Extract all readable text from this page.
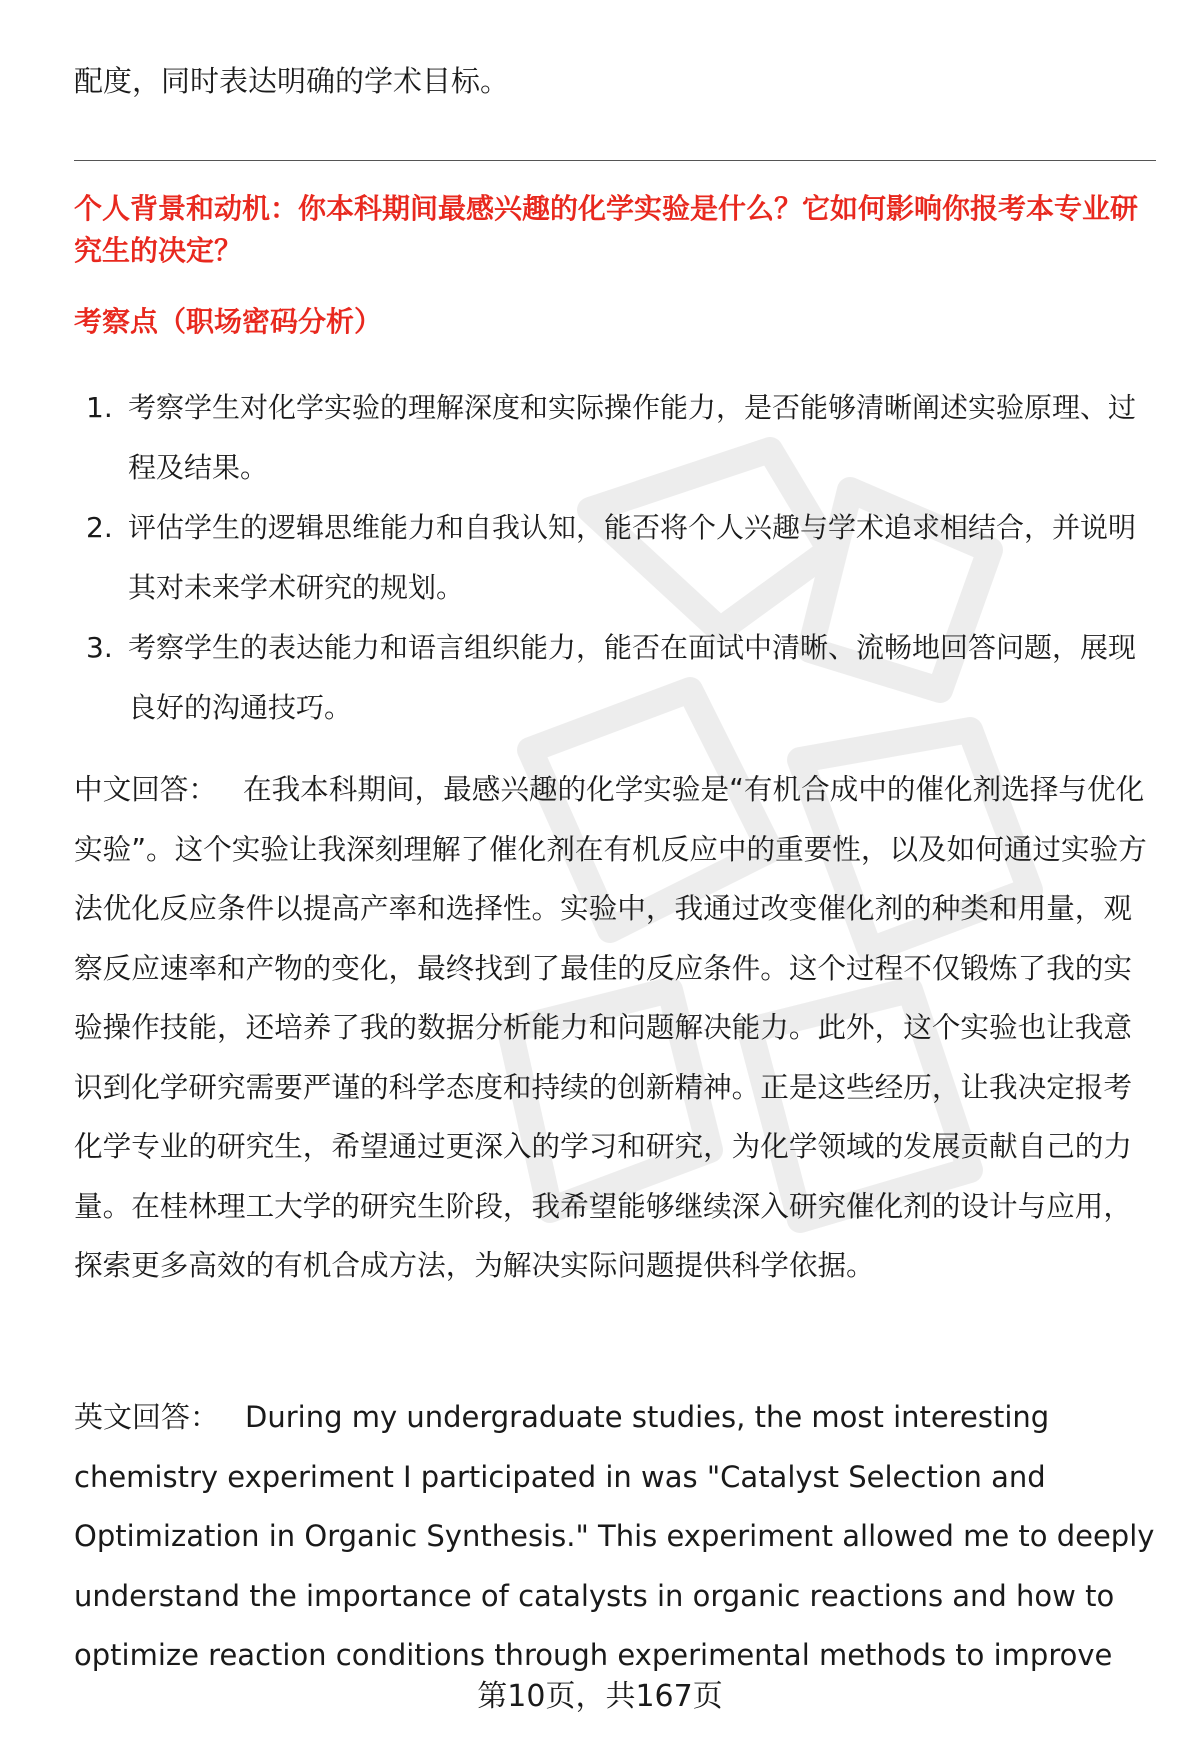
配度，同时表达明确的学术目标。

个人背景和动机：你本科期间最感兴趣的化学实验是什么？它如何影响你报考本专业研究生的决定？

考察点（职场密码分析）

1. 考察学生对化学实验的理解深度和实际操作能力，是否能够清晰阐述实验原理、过程及结果。
2. 评估学生的逻辑思维能力和自我认知，能否将个人兴趣与学术追求相结合，并说明其对未来学术研究的规划。
3. 考察学生的表达能力和语言组织能力，能否在面试中清晰、流畅地回答问题，展现良好的沟通技巧。

中文回答： 在我本科期间，最感兴趣的化学实验是“有机合成中的催化剂选择与优化实验”。这个实验让我深刻理解了催化剂在有机反应中的重要性，以及如何通过实验方法优化反应条件以提高产率和选择性。实验中，我通过改变催化剂的种类和用量，观察反应速率和产物的变化，最终找到了最佳的反应条件。这个过程不仅锻炼了我的实验操作技能，还培养了我的数据分析能力和问题解决能力。此外，这个实验也让我意识到化学研究需要严谨的科学态度和持续的创新精神。正是这些经历，让我决定报考化学专业的研究生，希望通过更深入的学习和研究，为化学领域的发展贡献自己的力量。在桂林理工大学的研究生阶段，我希望能够继续深入研究催化剂的设计与应用，探索更多高效的有机合成方法，为解决实际问题提供科学依据。

英文回答： During my undergraduate studies, the most interesting chemistry experiment I participated in was "Catalyst Selection and Optimization in Organic Synthesis." This experiment allowed me to deeply understand the importance of catalysts in organic reactions and how to optimize reaction conditions through experimental methods to improve

第10页，共167页
